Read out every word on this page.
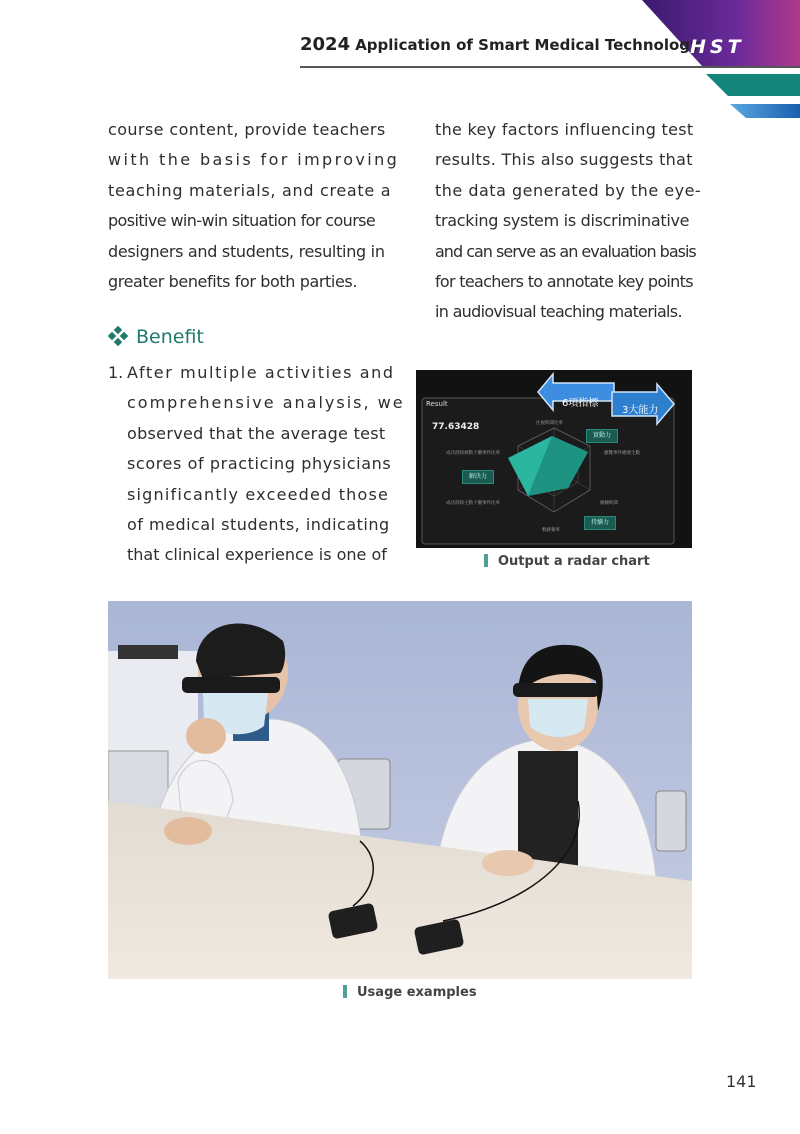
2024 Application of Smart Medical Technology
HST
course content, provide teachers
with the basis for improving
teaching materials, and create a
positive win-win situation for course
designers and students, resulting in
greater benefits for both parties.
the key factors influencing test
results. This also suggests that
the data generated by the eye-
tracking system is discriminative
and can serve as an evaluation basis
for teachers to annotate key points
in audiovisual teaching materials.
Benefit
1. After multiple activities and
comprehensive analysis, we
observed that the average test
scores of practicing physicians
significantly exceeded those
of medical students, indicating
that clinical experience is one of
Result
77.63428
6項指標
3大能力
實動力
解決力
持續力
注視時間比率
瀏覽事件總發生數
總檢時間
軌跡頻率
成功消除主動干擾事件比率
成功消除被動干擾事件比率
Output a radar chart
Usage examples
141
